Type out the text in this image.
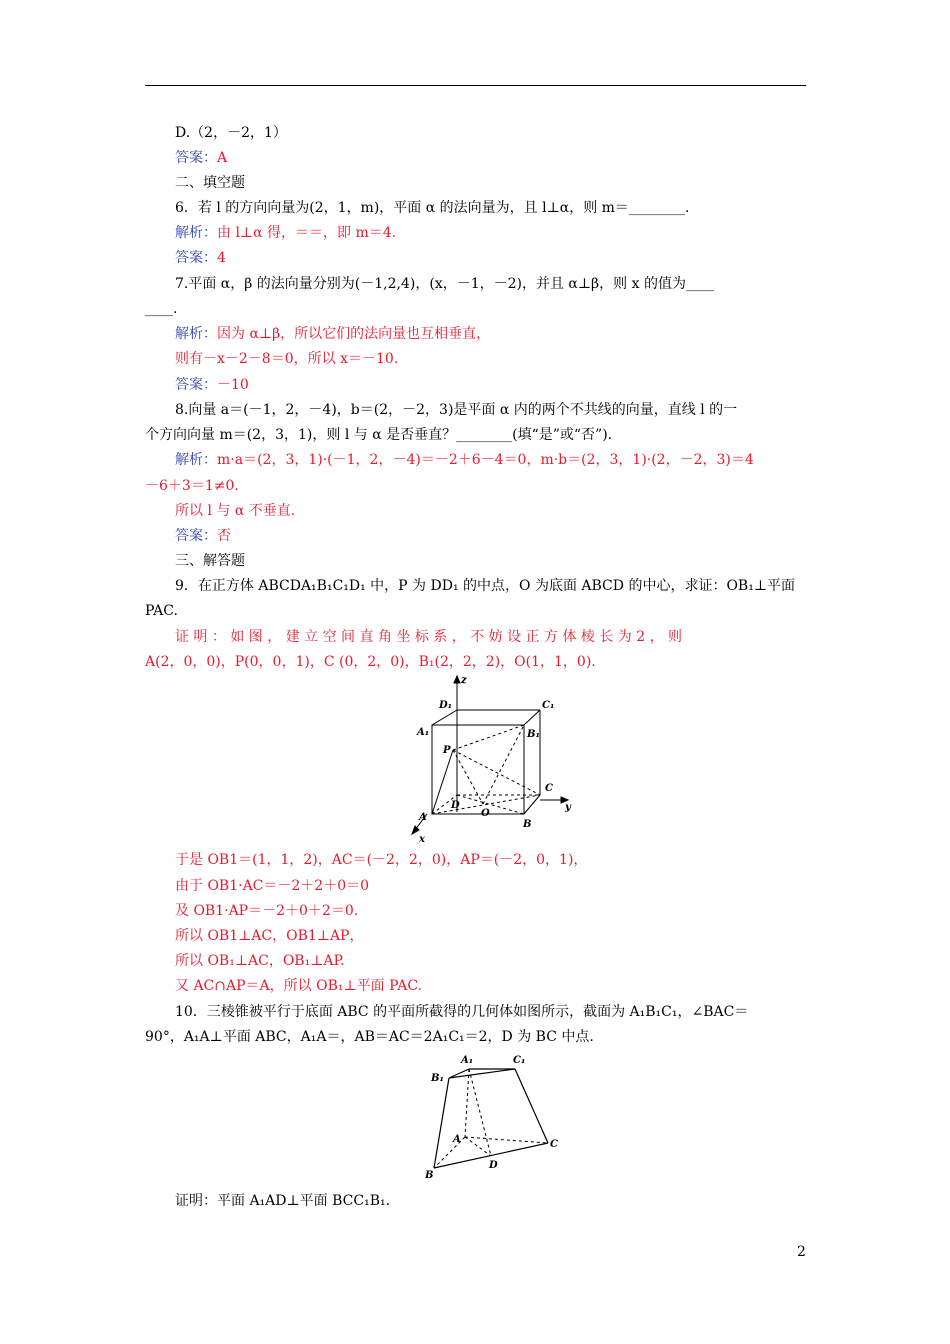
D.（2，－2，1）
答案：A
二、填空题
6．若 l 的方向向量为(2，1，m)，平面 α 的法向量为，且 l⊥α，则 m＝________.
解析：由 l⊥α 得，＝＝，即 m＝4.
答案：4
7.平面 α，β 的法向量分别为(－1,2,4)，(x，－1，－2)，并且 α⊥β，则 x 的值为____
____.
解析：因为 α⊥β，所以它们的法向量也互相垂直，
则有－x－2－8＝0，所以 x＝－10.
答案：－10
8.向量 a＝(－1，2，－4)，b＝(2，－2，3)是平面 α 内的两个不共线的向量，直线 l 的一
个方向向量 m＝(2，3，1)，则 l 与 α 是否垂直？________(填“是”或“否”).
解析：m·a＝(2，3，1)·(－1，2，－4)＝－2＋6－4＝0，m·b＝(2，3，1)·(2，－2，3)＝4
－6＋3＝1≠0.
所以 l 与 α 不垂直.
答案：否
三、解答题
9．在正方体 ABCDA₁B₁C₁D₁ 中，P 为 DD₁ 的中点，O 为底面 ABCD 的中心，求证：OB₁⊥平面
PAC.
证 明 ： 如 图 ， 建 立 空 间 直 角 坐 标 系 ， 不 妨 设 正 方 体 棱 长 为 2 ， 则
A(2，0，0)，P(0，0，1)，C (0，2，0)，B₁(2，2，2)，O(1，1，0).
于是 OB1＝(1，1，2)，AC＝(－2，2，0)，AP＝(－2，0，1)，
由于 OB1·AC＝－2＋2＋0＝0
及 OB1·AP＝－2＋0＋2＝0.
所以 OB1⊥AC，OB1⊥AP，
所以 OB₁⊥AC，OB₁⊥AP.
又 AC∩AP＝A，所以 OB₁⊥平面 PAC.
10．三棱锥被平行于底面 ABC 的平面所截得的几何体如图所示，截面为 A₁B₁C₁，∠BAC＝
90°，A₁A⊥平面 ABC，A₁A＝，AB＝AC＝2A₁C₁＝2，D 为 BC 中点.
证明：平面 A₁AD⊥平面 BCC₁B₁.
z
y
x
D₁	C₁
A₁	B₁
P
A
D
O
C
B
A₁	C₁
B₁
A	C
B
D
2
